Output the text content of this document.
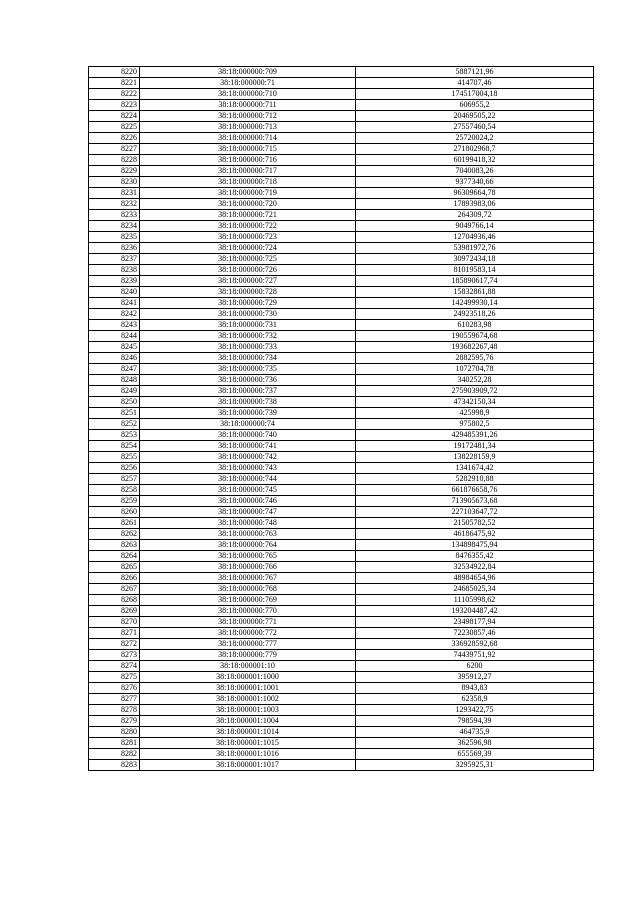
8220	38:18:000000:709	5887121,96
8221	38:18:000000:71	414707,46
8222	38:18:000000:710	174517004,18
8223	38:18:000000:711	606955,2
8224	38:18:000000:712	20469505,22
8225	38:18:000000:713	27557460,54
8226	38:18:000000:714	25720024,2
8227	38:18:000000:715	271802968,7
8228	38:18:000000:716	60199418,32
8229	38:18:000000:717	7040083,26
8230	38:18:000000:718	9377340,66
8231	38:18:000000:719	96309664,78
8232	38:18:000000:720	17893983,06
8233	38:18:000000:721	264309,72
8234	38:18:000000:722	9049766,14
8235	38:18:000000:723	12704936,46
8236	38:18:000000:724	53981972,76
8237	38:18:000000:725	30972434,18
8238	38:18:000000:726	81019583,14
8239	38:18:000000:727	185890617,74
8240	38:18:000000:728	15832861,88
8241	38:18:000000:729	142499930,14
8242	38:18:000000:730	24923518,26
8243	38:18:000000:731	610283,98
8244	38:18:000000:732	190559674,68
8245	38:18:000000:733	193682267,48
8246	38:18:000000:734	2882595,76
8247	38:18:000000:735	1072704,78
8248	38:18:000000:736	340252,28
8249	38:18:000000:737	275903909,72
8250	38:18:000000:738	47342150,34
8251	38:18:000000:739	425998,9
8252	38:18:000000:74	975802,5
8253	38:18:000000:740	429485391,26
8254	38:18:000000:741	19172481,34
8255	38:18:000000:742	138228159,9
8256	38:18:000000:743	1341674,42
8257	38:18:000000:744	5282910,88
8258	38:18:000000:745	661876658,76
8259	38:18:000000:746	713905673,68
8260	38:18:000000:747	227103647,72
8261	38:18:000000:748	21505782,52
8262	38:18:000000:763	46186475,92
8263	38:18:000000:764	134898475,94
8264	38:18:000000:765	8476355,42
8265	38:18:000000:766	32534922,84
8266	38:18:000000:767	48984654,96
8267	38:18:000000:768	24685025,34
8268	38:18:000000:769	11105998,62
8269	38:18:000000:770	193204487,42
8270	38:18:000000:771	23498177,94
8271	38:18:000000:772	72230857,46
8272	38:18:000000:777	336928592,68
8273	38:18:000000:779	74439751,92
8274	38:18:000001:10	6200
8275	38:18:000001:1000	395912,27
8276	38:18:000001:1001	8943,83
8277	38:18:000001:1002	62358,9
8278	38:18:000001:1003	1293422,75
8279	38:18:000001:1004	798594,39
8280	38:18:000001:1014	464735,9
8281	38:18:000001:1015	362596,98
8282	38:18:000001:1016	655569,39
8283	38:18:000001:1017	3295925,31
